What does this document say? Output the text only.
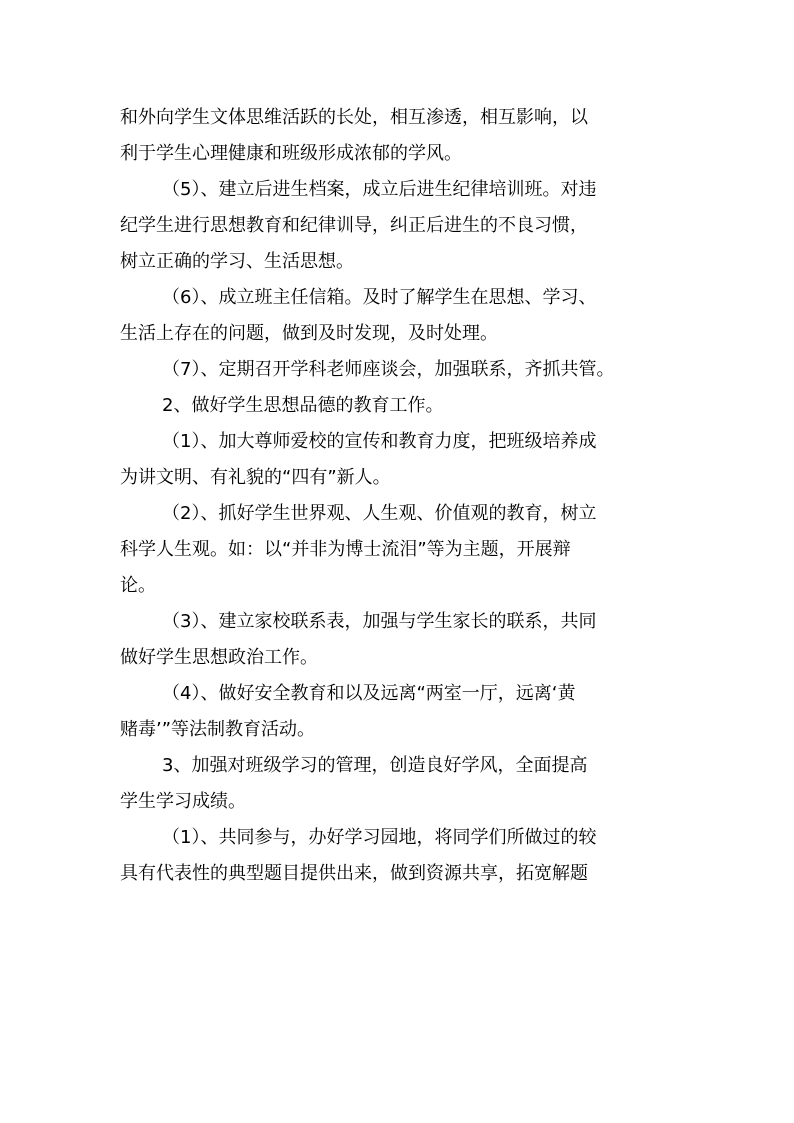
和外向学生文体思维活跃的长处，相互渗透，相互影响，以
利于学生心理健康和班级形成浓郁的学风。
（5）、建立后进生档案，成立后进生纪律培训班。对违
纪学生进行思想教育和纪律训导，纠正后进生的不良习惯，
树立正确的学习、生活思想。
（6）、成立班主任信箱。及时了解学生在思想、学习、
生活上存在的问题，做到及时发现，及时处理。
（7）、定期召开学科老师座谈会，加强联系，齐抓共管。
2、做好学生思想品德的教育工作。
（1）、加大尊师爱校的宣传和教育力度，把班级培养成
为讲文明、有礼貌的“四有”新人。
（2）、抓好学生世界观、人生观、价值观的教育，树立
科学人生观。如：以“并非为博士流泪”等为主题，开展辩
论。
（3）、建立家校联系表，加强与学生家长的联系，共同
做好学生思想政治工作。
（4）、做好安全教育和以及远离“两室一厅，远离‘黄
赌毒’”等法制教育活动。
3、加强对班级学习的管理，创造良好学风，全面提高
学生学习成绩。
（1）、共同参与，办好学习园地，将同学们所做过的较
具有代表性的典型题目提供出来，做到资源共享，拓宽解题
